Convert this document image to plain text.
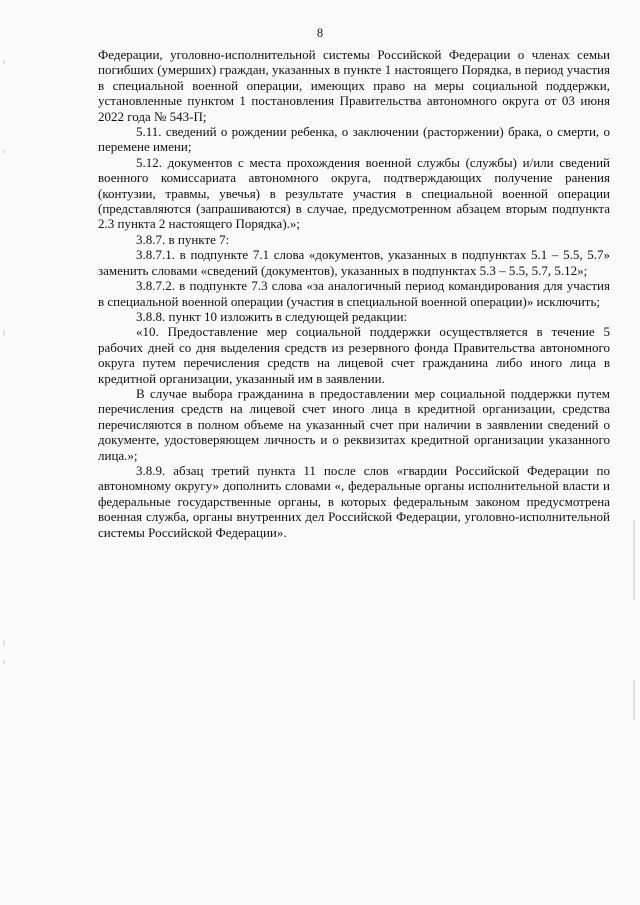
8

Федерации, уголовно-исполнительной системы Российской Федерации о членах семьи погибших (умерших) граждан, указанных в пункте 1 настоящего Порядка, в период участия в специальной военной операции, имеющих право на меры социальной поддержки, установленные пунктом 1 постановления Правительства автономного округа от 03 июня 2022 года № 543-П;

5.11. сведений о рождении ребенка, о заключении (расторжении) брака, о смерти, о перемене имени;

5.12. документов с места прохождения военной службы (службы) и/или сведений военного комиссариата автономного округа, подтверждающих получение ранения (контузии, травмы, увечья) в результате участия в специальной военной операции (представляются (запрашиваются) в случае, предусмотренном абзацем вторым подпункта 2.3 пункта 2 настоящего Порядка).»;

3.8.7. в пункте 7:

3.8.7.1. в подпункте 7.1 слова «документов, указанных в подпунктах 5.1 – 5.5, 5.7» заменить словами «сведений (документов), указанных в подпунктах 5.3 – 5.5, 5.7, 5.12»;

3.8.7.2. в подпункте 7.3 слова «за аналогичный период командирования для участия в специальной военной операции (участия в специальной военной операции)» исключить;

3.8.8. пункт 10 изложить в следующей редакции:

«10. Предоставление мер социальной поддержки осуществляется в течение 5 рабочих дней со дня выделения средств из резервного фонда Правительства автономного округа путем перечисления средств на лицевой счет гражданина либо иного лица в кредитной организации, указанный им в заявлении.

В случае выбора гражданина в предоставлении мер социальной поддержки путем перечисления средств на лицевой счет иного лица в кредитной организации, средства перечисляются в полном объеме на указанный счет при наличии в заявлении сведений о документе, удостоверяющем личность и о реквизитах кредитной организации указанного лица.»;

3.8.9. абзац третий пункта 11 после слов «гвардии Российской Федерации по автономному округу» дополнить словами «, федеральные органы исполнительной власти и федеральные государственные органы, в которых федеральным законом предусмотрена военная служба, органы внутренних дел Российской Федерации, уголовно-исполнительной системы Российской Федерации».
